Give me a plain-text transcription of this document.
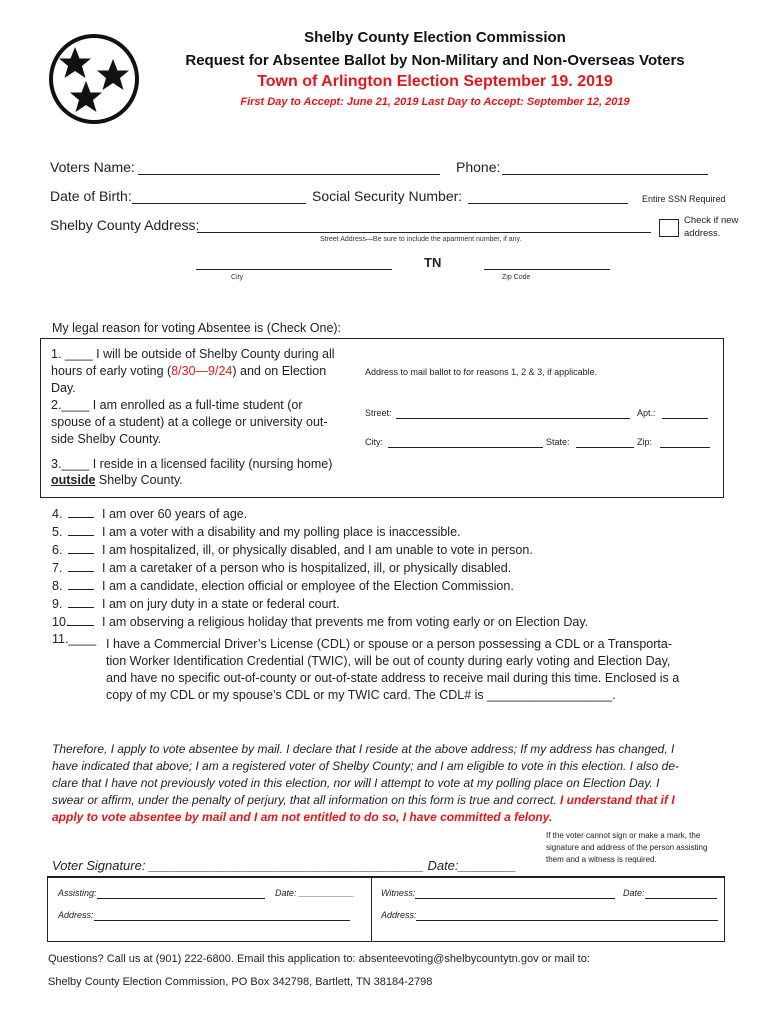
Shelby County Election Commission
Request for Absentee Ballot by Non-Military and Non-Overseas Voters
Town of Arlington Election September 19. 2019
First Day to Accept: June 21, 2019 Last Day to Accept: September 12, 2019
Voters Name:	Phone:
Date of Birth:	Social Security Number:	Entire SSN Required
Shelby County Address:
Street Address—Be sure to include the apartment number, if any.
Check if new address.
TN
City	Zip Code
My legal reason for voting Absentee is (Check One):
1. ____ I will be outside of Shelby County during all
hours of early voting (8/30—9/24) and on Election
Day.
2.____ I am enrolled as a full-time student (or
spouse of a student) at a college or university out-
side Shelby County.
3.____ I reside in a licensed facility (nursing home)
outside Shelby County.
Address to mail ballot to for reasons 1, 2 & 3, if applicable.
Street:	Apt.:
City:	State:	Zip:
4.	I am over 60 years of age.
5.	I am a voter with a disability and my polling place is inaccessible.
6.	I am hospitalized, ill, or physically disabled, and I am unable to vote in person.
7.	I am a caretaker of a person who is hospitalized, ill, or physically disabled.
8.	I am a candidate, election official or employee of the Election Commission.
9.	I am on jury duty in a state or federal court.
10.	I am observing a religious holiday that prevents me from voting early or on Election Day.
11.____ I have a Commercial Driver’s License (CDL) or spouse or a person possessing a CDL or a Transporta-
tion Worker Identification Credential (TWIC), will be out of county during early voting and Election Day,
and have no specific out-of-county or out-of-state address to receive mail during this time. Enclosed is a
copy of my CDL or my spouse’s CDL or my TWIC card. The CDL# is __________________.
Therefore, I apply to vote absentee by mail. I declare that I reside at the above address; If my address has changed, I
have indicated that above; I am a registered voter of Shelby County; and I am eligible to vote in this election. I also de-
clare that I have not previously voted in this election, nor will I attempt to vote at my polling place on Election Day. I
swear or affirm, under the penalty of perjury, that all information on this form is true and correct. I understand that if I
apply to vote absentee by mail and I am not entitled to do so, I have committed a felony.
If the voter cannot sign or make a mark, the signature and address of the person assisting them and a witness is required.
Voter Signature: ______________________________________ Date:________
Assisting:	Date: ___________
Address:
Witness:	Date:
Address:
Questions? Call us at (901) 222-6800. Email this application to: absenteevoting@shelbycountytn.gov or mail to:
Shelby County Election Commission, PO Box 342798, Bartlett, TN 38184-2798
